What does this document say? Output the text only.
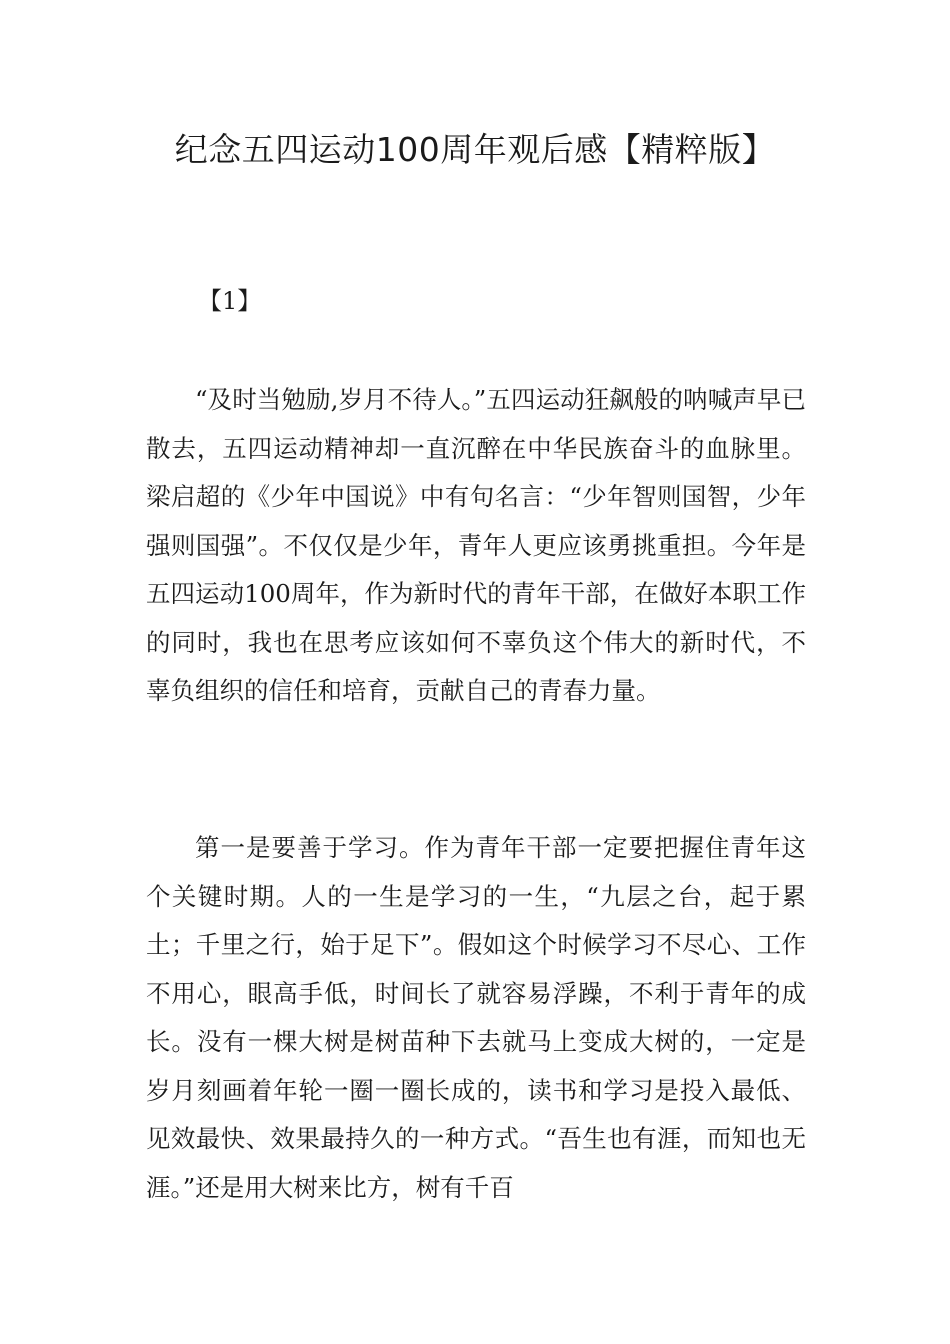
纪念五四运动100周年观后感【精粹版】

【1】

“及时当勉励,岁月不待人。”五四运动狂飙般的呐喊声早已散去，五四运动精神却一直沉醉在中华民族奋斗的血脉里。梁启超的《少年中国说》中有句名言：“少年智则国智，少年强则国强”。不仅仅是少年，青年人更应该勇挑重担。今年是五四运动100周年，作为新时代的青年干部，在做好本职工作的同时，我也在思考应该如何不辜负这个伟大的新时代，不辜负组织的信任和培育，贡献自己的青春力量。

第一是要善于学习。作为青年干部一定要把握住青年这个关键时期。人的一生是学习的一生，“九层之台，起于累土；千里之行，始于足下”。假如这个时候学习不尽心、工作不用心，眼高手低，时间长了就容易浮躁，不利于青年的成长。没有一棵大树是树苗种下去就马上变成大树的，一定是岁月刻画着年轮一圈一圈长成的，读书和学习是投入最低、见效最快、效果最持久的一种方式。“吾生也有涯，而知也无涯。”还是用大树来比方，树有千百
